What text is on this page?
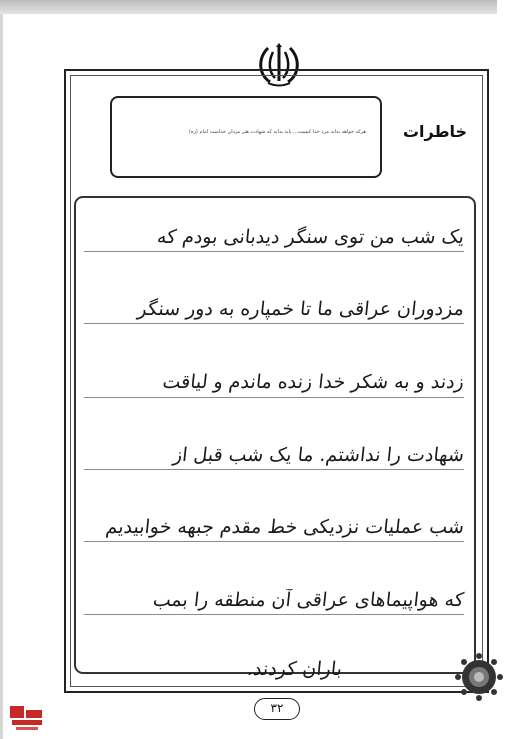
خاطرات
هرکه خواهد بداند مرد خدا کیست... باید بداند که شهادت هنر مردان خداست امام (ره)
یک شب من توی سنگر دیدبانی بودم که
مزدوران عراقی ما تا خمپاره به دور سنگر
زدند و به شکر خدا زنده ماندم و لیاقت
شهادت را نداشتم. ما یک شب قبل از
شب عملیات نزدیکی خط مقدم جبهه خوابیدیم
که هواپیماهای عراقی آن منطقه را بمب
باران کردند.
۳۲
